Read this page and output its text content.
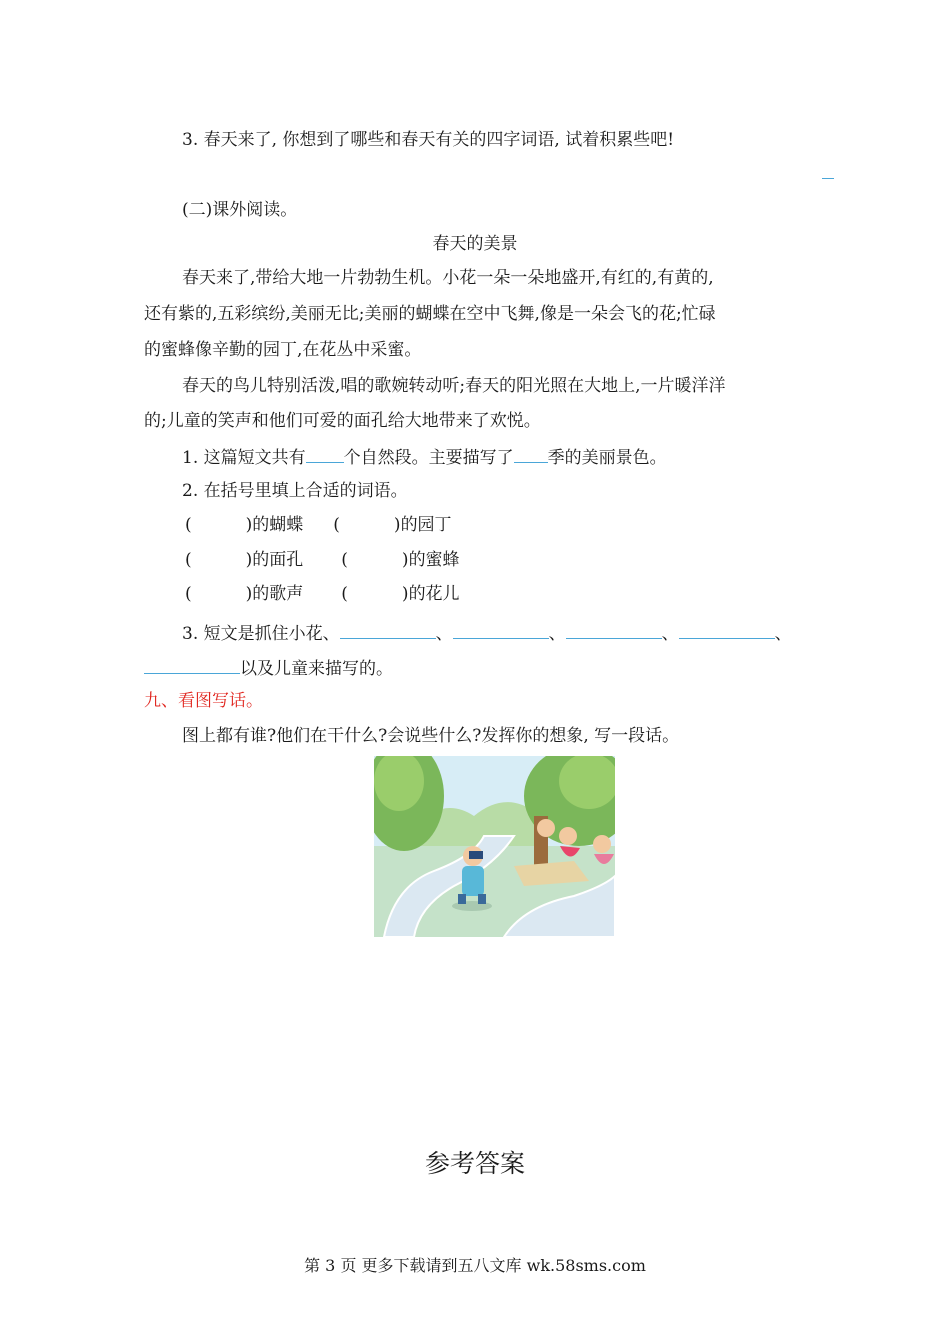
3. 春天来了, 你想到了哪些和春天有关的四字词语, 试着积累些吧!
(二)课外阅读。
春天的美景
春天来了,带给大地一片勃勃生机。小花一朵一朵地盛开,有红的,有黄的,
还有紫的,五彩缤纷,美丽无比;美丽的蝴蝶在空中飞舞,像是一朵会飞的花;忙碌
的蜜蜂像辛勤的园丁,在花丛中采蜜。
春天的鸟儿特别活泼,唱的歌婉转动听;春天的阳光照在大地上,一片暖洋洋
的;儿童的笑声和他们可爱的面孔给大地带来了欢悦。
1. 这篇短文共有 个自然段。主要描写了 季的美丽景色。
2. 在括号里填上合适的词语。
(	)的蝴蝶 (	)的园丁
(	)的面孔 (	)的蜜蜂
(	)的歌声 (	)的花儿
3. 短文是抓住小花、	、	、	、	、
以及儿童来描写的。
九、看图写话。
图上都有谁?他们在干什么?会说些什么?发挥你的想象, 写一段话。
参考答案
第 3 页 更多下载请到五八文库 wk.58sms.com
